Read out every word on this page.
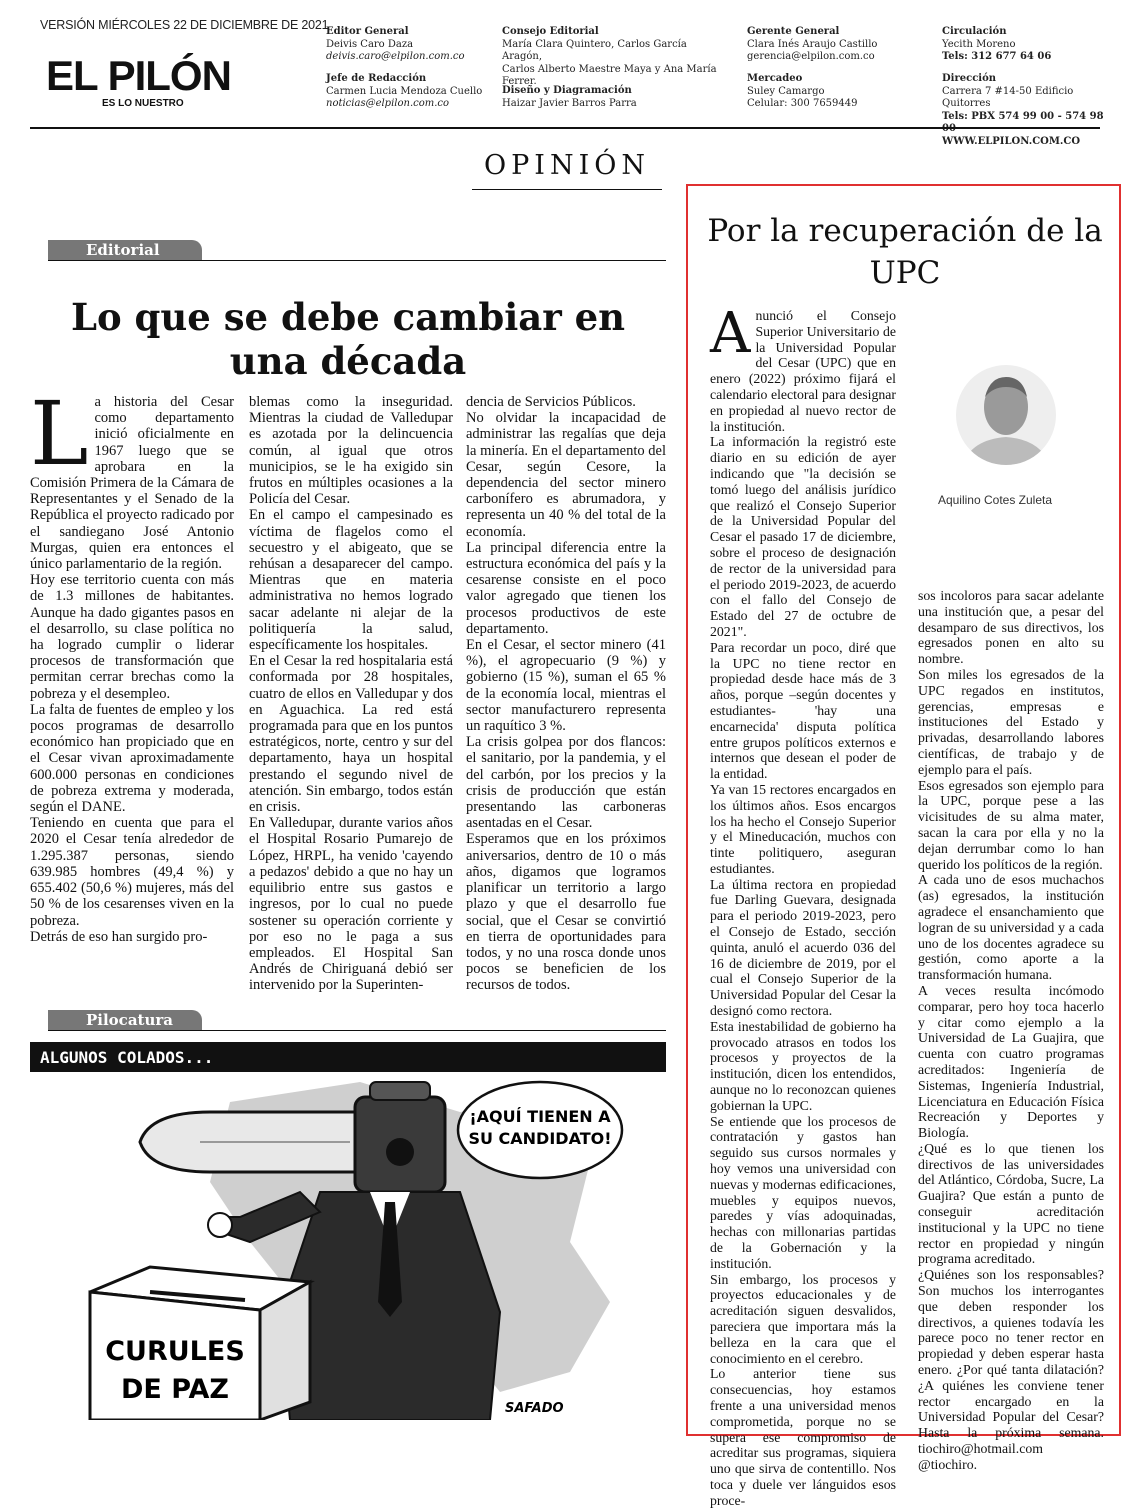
VERSIÓN MIÉRCOLES 22 DE DICIEMBRE DE 2021
EL PILÓN
ES LO NUESTRO
Editor General
Deivis Caro Daza
deivis.caro@elpilon.com.co
Jefe de Redacción
Carmen Lucia Mendoza Cuello
noticias@elpilon.com.co
Consejo Editorial
María Clara Quintero, Carlos García Aragón,
Carlos Alberto Maestre Maya y Ana María
Ferrer.
Diseño y Diagramación
Haizar Javier Barros Parra
Gerente General
Clara Inés Araujo Castillo
gerencia@elpilon.com.co
Mercadeo
Suley Camargo
Celular: 300 7659449
Circulación
Yecith Moreno
Tels: 312 677 64 06
Dirección
Carrera 7 #14-50 Edificio Quitorres
Tels: PBX 574 99 00 - 574 98
WWW.ELPILON.COM.CO
OPINIÓN
Editorial
Lo que se debe cambiar en una década
L a historia del Cesar como departamento inició oficialmente en 1967 luego que se aprobara en la Comisión Primera de la Cámara de Representantes y el Senado de la República el proyecto radicado por el sandiegano José Antonio Murgas, quien era entonces el único parlamentario de la región.

Hoy ese territorio cuenta con más de 1.3 millones de habitantes. Aunque ha dado gigantes pasos en el desarrollo, su clase política no ha logrado cumplir o liderar procesos de transformación que permitan cerrar brechas como la pobreza y el desempleo.

La falta de fuentes de empleo y los pocos programas de desarrollo económico han propiciado que en el Cesar vivan aproximadamente 600.000 personas en condiciones de pobreza extrema y moderada, según el DANE.

Teniendo en cuenta que para el 2020 el Cesar tenía alrededor de 1.295.387 personas, siendo 639.985 hombres (49,4 %) y 655.402 (50,6 %) mujeres, más del 50 % de los cesarenses viven en la pobreza.

Detrás de eso han surgido pro-

blemas como la inseguridad. Mientras la ciudad de Valledupar es azotada por la delincuencia común, al igual que otros municipios, se le ha exigido sin frutos en múltiples ocasiones a la Policía del Cesar.

En el campo el campesinado es víctima de flagelos como el secuestro y el abigeato, que se rehúsan a desaparecer del campo. Mientras que en materia administrativa no hemos logrado sacar adelante ni alejar de la politiquería la salud, específicamente los hospitales.

En el Cesar la red hospitalaria está conformada por 28 hospitales, cuatro de ellos en Valledupar y dos en Aguachica. La red está programada para que en los puntos estratégicos, norte, centro y sur del departamento, haya un hospital prestando el segundo nivel de atención. Sin embargo, todos están en crisis.

En Valledupar, durante varios años el Hospital Rosario Pumarejo de López, HRPL, ha venido 'cayendo a pedazos' debido a que no hay un equilibrio entre sus gastos e ingresos, por lo cual no puede sostener su operación corriente y por eso no le paga a sus empleados. El Hospital San Andrés de Chiriguaná debió ser intervenido por la Superinten-

dencia de Servicios Públicos.

No olvidar la incapacidad de administrar las regalías que deja la minería. En el departamento del Cesar, según Cesore, la dependencia del sector minero carbonífero es abrumadora, y representa un 40 % del total de la economía.

La principal diferencia entre la estructura económica del país y la cesarense consiste en el poco valor agregado que tienen los procesos productivos de este departamento.

En el Cesar, el sector minero (41 %), el agropecuario (9 %) y gobierno (15 %), suman el 65 % de la economía local, mientras el sector manufacturero representa un raquítico 3 %.

La crisis golpea por dos flancos: el sanitario, por la pandemia, y el del carbón, por los precios y la crisis de producción que están presentando las carboneras asentadas en el Cesar.

Esperamos que en los próximos aniversarios, dentro de 10 o más años, digamos que logramos planificar un territorio a largo plazo y que el desarrollo fue social, que el Cesar se convirtió en tierra de oportunidades para todos, y no una rosca donde unos pocos se beneficien de los recursos de todos.

Pilocatura
ALGUNOS COLADOS...
¡AQUÍ TIENEN A
SU CANDIDATO!
CURULES
DE PAZ
SAFADO
Por la recuperación de la UPC
Aquilino Cotes Zuleta
A nunció el Consejo Superior Universitario de la Universidad Popular del Cesar (UPC) que en enero (2022) próximo fijará el calendario electoral para designar en propiedad al nuevo rector de la institución.

La información la registró este diario en su edición de ayer indicando que "la decisión se tomó luego del análisis jurídico que realizó el Consejo Superior de la Universidad Popular del Cesar el pasado 17 de diciembre, sobre el proceso de designación de rector de la universidad para el periodo 2019-2023, de acuerdo con el fallo del Consejo de Estado del 27 de octubre de 2021".

Para recordar un poco, diré que la UPC no tiene rector en propiedad desde hace más de 3 años, porque –según docentes y estudiantes- 'hay una encarnecida' disputa política entre grupos políticos externos e internos que desean el poder de la entidad.

Ya van 15 rectores encargados en los últimos años. Esos encargos los ha hecho el Consejo Superior y el Mineducación, muchos con tinte politiquero, aseguran estudiantes.

La última rectora en propiedad fue Darling Guevara, designada para el periodo 2019-2023, pero el Consejo de Estado, sección quinta, anuló el acuerdo 036 del 16 de diciembre de 2019, por el cual el Consejo Superior de la Universidad Popular del Cesar la designó como rectora.

Esta inestabilidad de gobierno ha provocado atrasos en todos los procesos y proyectos de la institución, dicen los entendidos, aunque no lo reconozcan quienes gobiernan la UPC.

Se entiende que los procesos de contratación y gastos han seguido sus cursos normales y hoy vemos una universidad con nuevas y modernas edificaciones, muebles y equipos nuevos, paredes y vías adoquinadas, hechas con millonarias partidas de la Gobernación y la institución.

Sin embargo, los procesos y proyectos educacionales y de acreditación siguen desvalidos, pareciera que importara más la belleza en la cara que el conocimiento en el cerebro.

Lo anterior tiene sus consecuencias, hoy estamos frente a una universidad menos comprometida, porque no se supera ese compromiso de acreditar sus programas, siquiera uno que sirva de contentillo. Nos toca y duele ver lánguidos esos proce-

sos incoloros para sacar adelante una institución que, a pesar del desamparo de sus directivos, los egresados ponen en alto su nombre.

Son miles los egresados de la UPC regados en institutos, gerencias, empresas e instituciones del Estado y privadas, desarrollando labores científicas, de trabajo y de ejemplo para el país.

Esos egresados son ejemplo para la UPC, porque pese a las vicisitudes de su alma mater, sacan la cara por ella y no la dejan derrumbar como lo han querido los políticos de la región.

A cada uno de esos muchachos (as) egresados, la institución agradece el ensanchamiento que logran de su universidad y a cada uno de los docentes agradece su gestión, como aporte a la transformación humana.

A veces resulta incómodo comparar, pero hoy toca hacerlo y citar como ejemplo a la Universidad de La Guajira, que cuenta con cuatro programas acreditados: Ingeniería de Sistemas, Ingeniería Industrial, Licenciatura en Educación Física Recreación y Deportes y Biología.

¿Qué es lo que tienen los directivos de las universidades del Atlántico, Córdoba, Sucre, La Guajira? Que están a punto de conseguir acreditación institucional y la UPC no tiene rector en propiedad y ningún programa acreditado.

¿Quiénes son los responsables? Son muchos los interrogantes que deben responder los directivos, a quienes todavía les parece poco no tener rector en propiedad y deben esperar hasta enero. ¿Por qué tanta dilatación? ¿A quiénes les conviene tener rector encargado en la Universidad Popular del Cesar? Hasta la próxima semana. tiochiro@hotmail.com @tiochiro.
